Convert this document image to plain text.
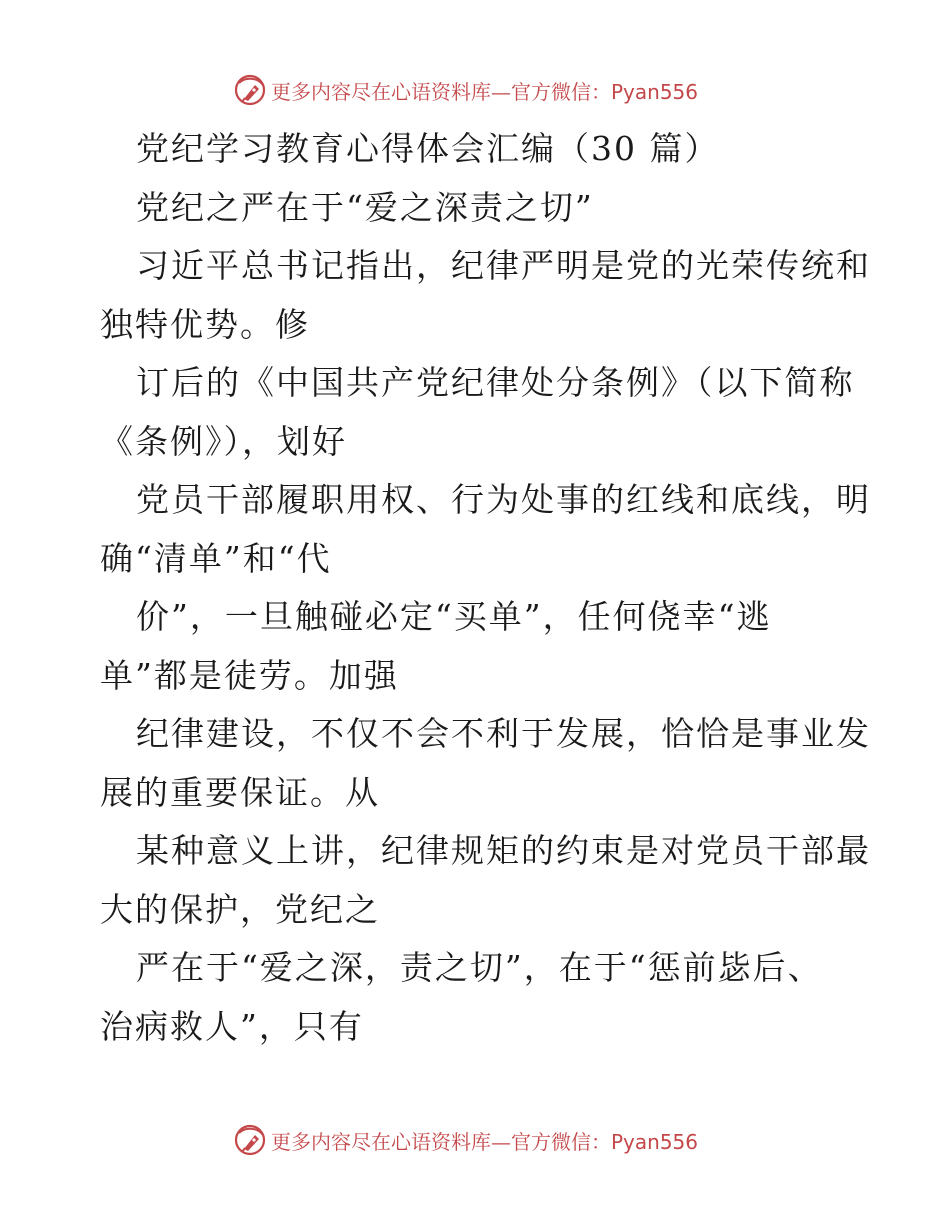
更多内容尽在心语资料库—官方微信：Pyan556
党纪学习教育心得体会汇编（30 篇）
党纪之严在于“爱之深责之切”
习近平总书记指出，纪律严明是党的光荣传统和
独特优势。修
订后的《中国共产党纪律处分条例》（以下简称
《条例》），划好
党员干部履职用权、行为处事的红线和底线，明
确“清单”和“代
价”，一旦触碰必定“买单”，任何侥幸“逃
单”都是徒劳。加强
纪律建设，不仅不会不利于发展，恰恰是事业发
展的重要保证。从
某种意义上讲，纪律规矩的约束是对党员干部最
大的保护，党纪之
严在于“爱之深，责之切”，在于“惩前毖后、
治病救人”，只有
更多内容尽在心语资料库—官方微信：Pyan556
